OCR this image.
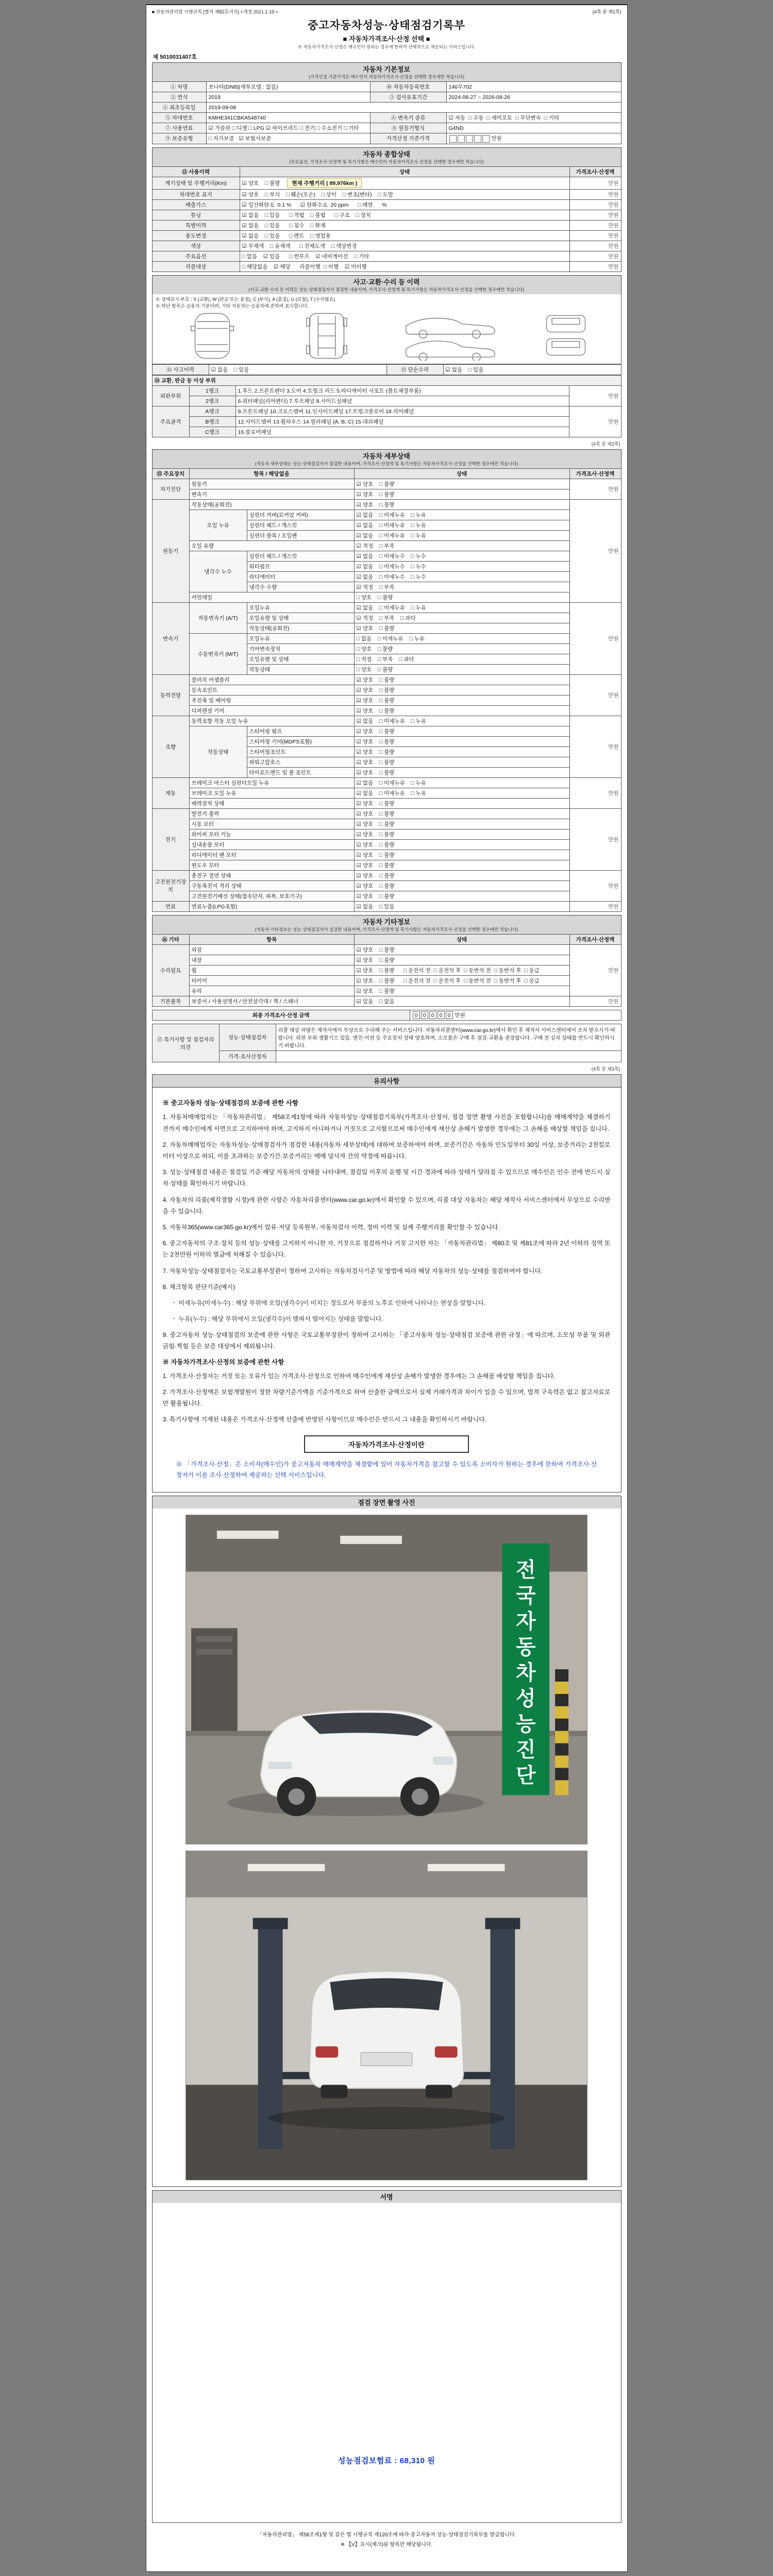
■ 자동차관리법 시행규칙 [별지 제82호서식] <개정 2021.1.19.>	(4쪽 중 제1쪽)
중고자동차성능·상태점검기록부
■ 자동차가격조사·산정 선택 ■
※ 자동차가격조사·산정은 매수인이 원하는 경우에 한하여 선택적으로 제공되는 서비스입니다.
제 5010031407호
자동차 기본정보
(가격산정 기준가격은 매수인이 자동차가격조사·산정을 선택한 경우에만 적습니다)
① 차명	쏘나타(DN8)(세부모델 : 없음)	⑩ 자동차등록번호	146무702
② 연식	2019	③ 검사유효기간	2024-08-27 ~ 2026-08-26
④ 최초등록일	2019-09-08		
⑤ 차대번호	KMHE341CBKA548740	⑥ 변속기 종류	☑ 자동  □ 수동  □ 세미오토  □ 무단변속  □ 기타
⑦ 사용연료	☑ 가솔린 □ 디젤 □ LPG ☑ 하이브리드 □ 전기 □ 수소전기 □ 기타	⑧ 원동기형식	G4ND
⑨ 보증유형	□ 자가보증   ☑ 보험사보증	가격산정 기준가격	만원
자동차 종합상태
(주요옵션, 가격조사·산정액 및 특기사항은 매수인이 자동차가격조사·산정을 선택한 경우에만 적습니다)
⑪ 사용이력	상태	가격조사·산정액
계기상태 및 주행거리(Km)	☑ 양호    □ 불량 현재 주행거리 ( 89,976km )	만원
차대번호 표기	☑ 양호    □ 부식    □ 훼손(오손)    □ 상이    □ 변조(변타)    □ 도말	만원
배출가스	☑ 일산화탄소  0.1 %      ☑ 탄화수소  20 ppm      □ 매연      %	만원
튜닝	☑ 없음    □ 있음      □ 적법    □ 불법      □ 구조    □ 장치	만원
특별이력	☑ 없음    □ 있음      □ 침수    □ 화재	만원
용도변경	☑ 없음    □ 있음      □ 렌트    □ 영업용	만원
색상	☑ 무채색    □ 유채색      □ 전체도색    □ 색상변경	만원
주요옵션	□ 없음    ☑ 있음      □ 썬루프    ☑ 네비게이션    □ 기타	만원
리콜대상	□ 해당없음    ☑ 해당      리콜이행  □ 이행    ☑ 미이행	만원
사고·교환·수리 등 이력
(사고·교환·수리 등 이력은 성능·상태점검자가 점검한 내용이며, 가격조사·산정액 및 특기사항은 자동차가격조사·산정을 선택한 경우에만 적습니다)
※ 상태표시 부호 : X (교환), W (판금 또는 용접), C (부식), A (흠집), U (요철), T (수리필요)
※ 하단 항목은 승용차 기준이며, 기타 자동차는 승용차에 준하여 표시합니다.
⑫ 사고이력	☑ 없음    □ 있음	⑬ 단순수리	☑ 없음    □ 있음
⑭ 교환, 판금 등 이상 부위			
외판부위	1랭크	1.후드 2.프론트펜더 3.도어 4.트렁크 리드 5.라디에이터 서포트 (볼트체결부품)	만원
	2랭크	6.쿼터패널(리어펜더) 7.루프패널 8.사이드실패널	
주요골격	A랭크	9.프론트패널 10.크로스멤버 11.인사이드패널 17.트렁크플로어 18.리어패널	만원
	B랭크	12.사이드멤버 13.휠하우스 14.필러패널 (A, B, C) 15.대쉬패널	
	C랭크	16.플로어패널	
(4쪽 중 제2쪽)
자동차 세부상태
(자동차 세부상태는 성능·상태점검자가 점검한 내용이며, 가격조사·산정액 및 특기사항은 자동차가격조사·산정을 선택한 경우에만 적습니다)
⑮ 주요장치	항목 / 해당없음		상태	가격조사·산정액
자기진단	원동기		☑ 양호    □ 불량	만원
	변속기		☑ 양호    □ 불량	
원동기	작동상태(공회전)		☑ 양호    □ 불량	만원
	오일 누유	실린더 커버(로커암 커버)	☑ 없음    □ 미세누유    □ 누유	
		실린더 헤드 / 개스킷	☑ 없음    □ 미세누유    □ 누유	
		실린더 블록 / 오일팬	☑ 없음    □ 미세누유    □ 누유	
	오일 유량		☑ 적정    □ 부족	
	냉각수 누수	실린더 헤드 / 개스킷	☑ 없음    □ 미세누수    □ 누수	
		워터펌프	☑ 없음    □ 미세누수    □ 누수	
		라디에이터	☑ 없음    □ 미세누수    □ 누수	
		냉각수 수량	☑ 적정    □ 부족	
	커먼레일		□ 양호    □ 불량	
변속기	자동변속기 (A/T)	오일누유	☑ 없음    □ 미세누유    □ 누유	만원
		오일유량 및 상태	☑ 적정    □ 부족    □ 과다	
		작동상태(공회전)	☑ 양호    □ 불량	
	수동변속기 (M/T)	오일누유	□ 없음    □ 미세누유    □ 누유	
		기어변속장치	□ 양호    □ 불량	
		오일유량 및 상태	□ 적정    □ 부족    □ 과다	
		작동상태	□ 양호    □ 불량	
동력전달	클러치 어셈블리		☑ 양호    □ 불량	만원
	등속조인트		☑ 양호    □ 불량	
	추진축 및 베어링		☑ 양호    □ 불량	
	디퍼렌셜 기어		☑ 양호    □ 불량	
조향	동력조향 작동 오일 누유		☑ 없음    □ 미세누유    □ 누유	만원
	작동상태	스티어링 펌프	☑ 양호    □ 불량	
		스티어링 기어(MDPS포함)	☑ 양호    □ 불량	
		스티어링조인트	☑ 양호    □ 불량	
		파워고압호스	☑ 양호    □ 불량	
		타이로드엔드 및 볼 조인트	☑ 양호    □ 불량	
제동	브레이크 마스터 실린더오일 누유		☑ 없음    □ 미세누유    □ 누유	만원
	브레이크 오일 누유		☑ 없음    □ 미세누유    □ 누유	
	배력장치 상태		☑ 양호    □ 불량	
전기	발전기 출력		☑ 양호    □ 불량	만원
	시동 모터		☑ 양호    □ 불량	
	와이퍼 모터 기능		☑ 양호    □ 불량	
	실내송풍 모터		☑ 양호    □ 불량	
	라디에이터 팬 모터		☑ 양호    □ 불량	
	윈도우 모터		☑ 양호    □ 불량	
고전원전기장치	충전구 절연 상태		☑ 양호    □ 불량	만원
	구동축전지 격리 상태		☑ 양호    □ 불량	
	고전원전기배선 상태(접속단자, 피복, 보호기구)		☑ 양호    □ 불량	
연료	연료누출(LPG포함)		☑ 없음    □ 있음	만원
자동차 기타정보
(자동차 기타정보는 성능·상태점검자가 점검한 내용이며, 가격조사·산정액 및 특기사항은 자동차가격조사·산정을 선택한 경우에만 적습니다)
⑯ 기타	항목	상태	가격조사·산정액
수리필요	외장	☑ 양호    □ 불량	만원
	내장	☑ 양호    □ 불량	
	휠	☑ 양호    □ 불량      □ 운전석 전  □ 운전석 후  □ 동반석 전  □ 동반석 후  □ 응급	
	타이어	☑ 양호    □ 불량      □ 운전석 전  □ 운전석 후  □ 동반석 전  □ 동반석 후  □ 응급	
	유리	☑ 양호    □ 불량	
기본품목	보증서 / 사용설명서 / 안전삼각대 / 잭 / 스패너	☑ 있음    □ 없음	만원
최종 가격조사·산정 금액	0 0 0 0 0 만원
⑰ 특기사항 및 점검자의 의견	성능·상태점검자	리콜 대상 차량은 제작사에서 무상으로 수리해 주는 서비스입니다. 자동차리콜센터(www.car.go.kr)에서 확인 후 제작사 서비스센터에서 조치 받으시기 바랍니다. 외판 부위 생활기스 있음. 엔진·미션 등 주요장치 상태 양호하며, 소모품은 구매 후 점검·교환을 권장합니다. 구매 전 실차 상태를 반드시 확인하시기 바랍니다.
	가격·조사산정자	
(4쪽 중 제3쪽)
유의사항
※ 중고자동차 성능·상태점검의 보증에 관한 사항
1. 자동차매매업자는 「자동차관리법」 제58조제1항에 따라 자동차성능·상태점검기록부(가격조사·산정서, 점검 장면 촬영 사진을 포함합니다)를 매매계약을 체결하기 전까지 매수인에게 서면으로 고지하여야 하며, 고지하지 아니하거나 거짓으로 고지함으로써 매수인에게 재산상 손해가 발생한 경우에는 그 손해를 배상할 책임을 집니다.
2. 자동차매매업자는 자동차성능·상태점검자가 점검한 내용(자동차 세부상태)에 대하여 보증하여야 하며, 보증기간은 자동차 인도일부터 30일 이상, 보증거리는 2천킬로미터 이상으로 하되, 이를 초과하는 보증기간·보증거리는 매매 당사자 간의 약정에 따릅니다.
3. 성능·상태점검 내용은 점검일 기준 해당 자동차의 상태를 나타내며, 점검일 이후의 운행 및 시간 경과에 따라 상태가 달라질 수 있으므로 매수인은 인수 전에 반드시 실차 상태를 확인하시기 바랍니다.
4. 자동차의 리콜(제작결함 시정)에 관한 사항은 자동차리콜센터(www.car.go.kr)에서 확인할 수 있으며, 리콜 대상 자동차는 해당 제작사 서비스센터에서 무상으로 수리받을 수 있습니다.
5. 자동차365(www.car365.go.kr)에서 압류·저당 등록원부, 자동차검사 이력, 정비 이력 및 실제 주행거리를 확인할 수 있습니다.
6. 중고자동차의 구조·장치 등의 성능·상태를 고지하지 아니한 자, 거짓으로 점검하거나 거짓 고지한 자는 「자동차관리법」 제80조 및 제81조에 따라 2년 이하의 징역 또는 2천만원 이하의 벌금에 처해질 수 있습니다.
7. 자동차성능·상태점검자는 국토교통부장관이 정하여 고시하는 자동차검사기준 및 방법에 따라 해당 자동차의 성능·상태를 점검하여야 합니다.
8. 체크항목 판단기준(예시)
ㆍ 미세누유(미세누수) : 해당 부위에 오일(냉각수)이 비치는 정도로서 부품의 노후로 인하여 나타나는 현상을 말합니다.
ㆍ 누유(누수) : 해당 부위에서 오일(냉각수)이 맺혀서 떨어지는 상태를 말합니다.
9. 중고자동차 성능·상태점검의 보증에 관한 사항은 국토교통부장관이 정하여 고시하는 「중고자동차 성능·상태점검 보증에 관한 규정」에 따르며, 소모성 부품 및 외관 긁힘·찍힘 등은 보증 대상에서 제외됩니다.
※ 자동차가격조사·산정의 보증에 관한 사항
1. 가격조사·산정자는 거짓 또는 오류가 있는 가격조사·산정으로 인하여 매수인에게 재산상 손해가 발생한 경우에는 그 손해를 배상할 책임을 집니다.
2. 가격조사·산정액은 보험개발원이 정한 차량기준가액을 기준가격으로 하여 산출한 금액으로서 실제 거래가격과 차이가 있을 수 있으며, 법적 구속력은 없고 참고자료로만 활용됩니다.
3. 특기사항에 기재된 내용은 가격조사·산정액 산출에 반영된 사항이므로 매수인은 반드시 그 내용을 확인하시기 바랍니다.
자동차가격조사·산정이란
※ 「가격조사·산정」은 소비자(매수인)가 중고자동차 매매계약을 체결함에 있어 자동차가격을 참고할 수 있도록 소비자가 원하는 경우에 한하여 가격조사·산정자가 이를 조사·산정하여 제공하는 선택 서비스입니다.
점검 장면 촬영 사진
전 국 자 동 차 성 능 진 단
서명
성능점검보험료 : 68,310 원
「자동차관리법」 제58조제1항 및 같은 법 시행규칙 제120조에 따라 중고자동차 성능·상태점검기록부를 발급합니다.
※ 【V】표시(체크)된 항목만 해당됩니다.
